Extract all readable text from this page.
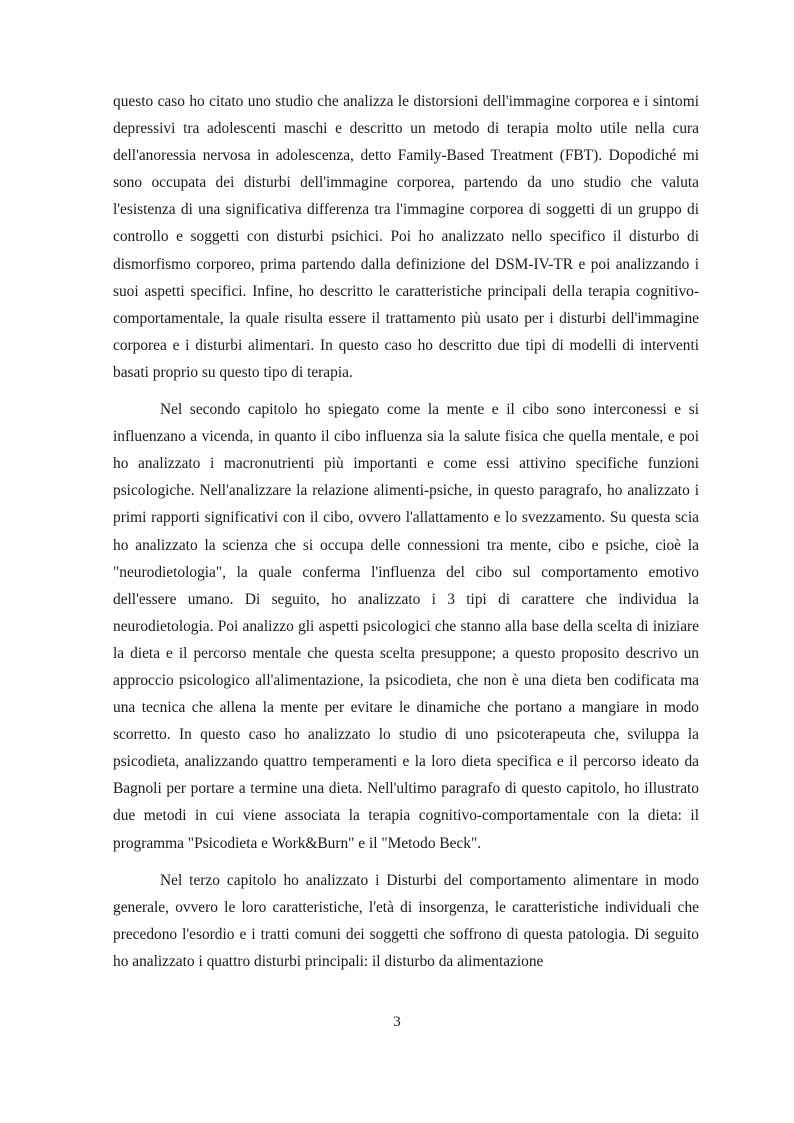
questo caso ho citato uno studio che analizza le distorsioni dell'immagine corporea e i sintomi depressivi tra adolescenti maschi e descritto un metodo di terapia molto utile nella cura dell'anoressia nervosa in adolescenza, detto Family-Based Treatment (FBT). Dopodiché mi sono occupata dei disturbi dell'immagine corporea, partendo da uno studio che valuta l'esistenza di una significativa differenza tra l'immagine corporea di soggetti di un gruppo di controllo e soggetti con disturbi psichici. Poi ho analizzato nello specifico il disturbo di dismorfismo corporeo, prima partendo dalla definizione del DSM-IV-TR e poi analizzando i suoi aspetti specifici. Infine, ho descritto le caratteristiche principali della terapia cognitivo-comportamentale, la quale risulta essere il trattamento più usato per i disturbi dell'immagine corporea e i disturbi alimentari. In questo caso ho descritto due tipi di modelli di interventi basati proprio su questo tipo di terapia.

Nel secondo capitolo ho spiegato come la mente e il cibo sono interconessi e si influenzano a vicenda, in quanto il cibo influenza sia la salute fisica che quella mentale, e poi ho analizzato i macronutrienti più importanti e come essi attivino specifiche funzioni psicologiche. Nell'analizzare la relazione alimenti-psiche, in questo paragrafo, ho analizzato i primi rapporti significativi con il cibo, ovvero l'allattamento e lo svezzamento. Su questa scia ho analizzato la scienza che si occupa delle connessioni tra mente, cibo e psiche, cioè la "neurodietologia", la quale conferma l'influenza del cibo sul comportamento emotivo dell'essere umano. Di seguito, ho analizzato i 3 tipi di carattere che individua la neurodietologia. Poi analizzo gli aspetti psicologici che stanno alla base della scelta di iniziare la dieta e il percorso mentale che questa scelta presuppone; a questo proposito descrivo un approccio psicologico all'alimentazione, la psicodieta, che non è una dieta ben codificata ma una tecnica che allena la mente per evitare le dinamiche che portano a mangiare in modo scorretto. In questo caso ho analizzato lo studio di uno psicoterapeuta che, sviluppa la psicodieta, analizzando quattro temperamenti e la loro dieta specifica e il percorso ideato da Bagnoli per portare a termine una dieta. Nell'ultimo paragrafo di questo capitolo, ho illustrato due metodi in cui viene associata la terapia cognitivo-comportamentale con la dieta: il programma "Psicodieta e Work&Burn" e il "Metodo Beck".

Nel terzo capitolo ho analizzato i Disturbi del comportamento alimentare in modo generale, ovvero le loro caratteristiche, l'età di insorgenza, le caratteristiche individuali che precedono l'esordio e i tratti comuni dei soggetti che soffrono di questa patologia. Di seguito ho analizzato i quattro disturbi principali: il disturbo da alimentazione

3
